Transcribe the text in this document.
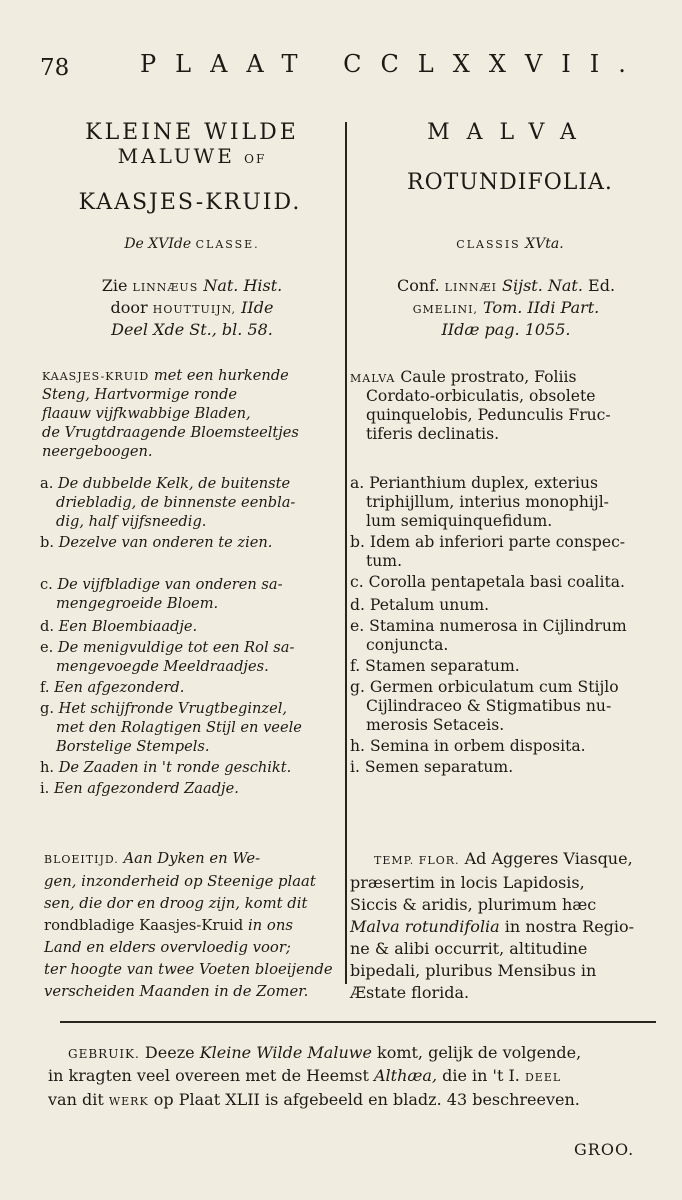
78	PLAAT CCLXXVII.
KLEINE WILDE
MALUWE OF
KAASJES-KRUID.
MALVA
ROTUNDIFOLIA.
De XVIde CLASSE.	CLASSIS XVta.
Zie LINNÆUS Nat. Hist.
door HOUTTUIJN, IIde
Deel Xde St., bl. 58.
Conf. LINNÆI Sijst. Nat. Ed.
GMELINI, Tom. IIdi Part.
IIdæ pag. 1055.
KAASJES-KRUID met een hurkende
Steng, Hartvormige ronde
flaauw vijfkwabbige Bladen,
de Vrugtdraagende Bloemsteeltjes
neergeboogen.
MALVA Caule prostrato, Foliis
Cordato-orbiculatis, obsolete
quinquelobis, Pedunculis Fruc-
tiferis declinatis.
a. De dubbelde Kelk, de buitenste
driebladig, de binnenste eenbla-
dig, half vijfsneedig.
b. Dezelve van onderen te zien.
c. De vijfbladige van onderen sa-
mengegroeide Bloem.
d. Een Bloembiaadje.
e. De menigvuldige tot een Rol sa-
mengevoegde Meeldraadjes.
f. Een afgezonderd.
g. Het schijfronde Vrugtbeginzel,
met den Rolagtigen Stijl en veele
Borstelige Stempels.
h. De Zaaden in 't ronde geschikt.
i. Een afgezonderd Zaadje.
a. Perianthium duplex, exterius
triphijllum, interius monophijl-
lum semiquinquefidum.
b. Idem ab inferiori parte conspec-
tum.
c. Corolla pentapetala basi coalita.
d. Petalum unum.
e. Stamina numerosa in Cijlindrum
conjuncta.
f. Stamen separatum.
g. Germen orbiculatum cum Stijlo
Cijlindraceo & Stigmatibus nu-
merosis Setaceis.
h. Semina in orbem disposita.
i. Semen separatum.
BLOEITIJD. Aan Dyken en We-
gen, inzonderheid op Steenige plaat
sen, die dor en droog zijn, komt dit
rondbladige Kaasjes-Kruid in ons
Land en elders overvloedig voor;
ter hoogte van twee Voeten bloeijende
verscheiden Maanden in de Zomer.
TEMP. FLOR. Ad Aggeres Viasque,
præsertim in locis Lapidosis,
Siccis & aridis, plurimum hæc
Malva rotundifolia in nostra Regio-
ne & alibi occurrit, altitudine
bipedali, pluribus Mensibus in
Æstate florida.
GEBRUIK. Deeze Kleine Wilde Maluwe komt, gelijk de volgende,
in kragten veel overeen met de Heemst Althæa, die in 't I. DEEL
van dit WERK op Plaat XLII is afgebeeld en bladz. 43 beschreeven.
GROO.
